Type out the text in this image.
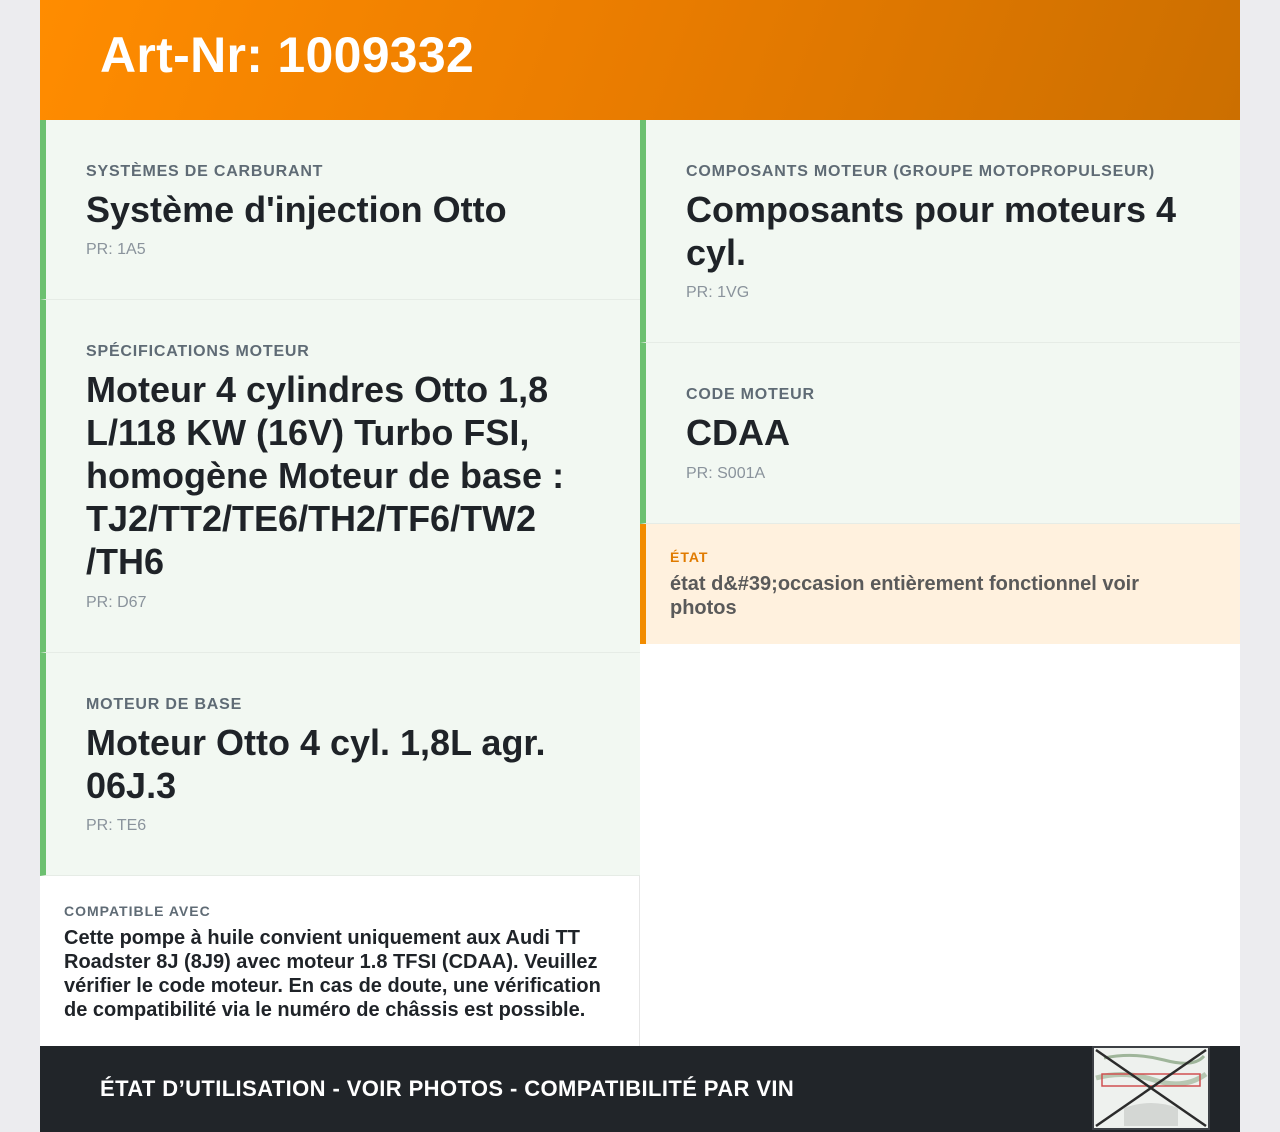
Art-Nr: 1009332
SYSTÈMES DE CARBURANT
Système d'injection Otto
PR: 1A5
SPÉCIFICATIONS MOTEUR
Moteur 4 cylindres Otto 1,8 L/118 KW (16V) Turbo FSI, homogène Moteur de base : TJ2/TT2/TE6/TH2/TF6/TW2 /TH6
PR: D67
MOTEUR DE BASE
Moteur Otto 4 cyl. 1,8L agr. 06J.3
PR: TE6
COMPOSANTS MOTEUR (GROUPE MOTOPROPULSEUR)
Composants pour moteurs 4 cyl.
PR: 1VG
CODE MOTEUR
CDAA
PR: S001A
ÉTAT
état d&#39;occasion entièrement fonctionnel voir photos
COMPATIBLE AVEC
Cette pompe à huile convient uniquement aux Audi TT Roadster 8J (8J9) avec moteur 1.8 TFSI (CDAA). Veuillez vérifier le code moteur. En cas de doute, une vérification de compatibilité via le numéro de châssis est possible.
ÉTAT D’UTILISATION - VOIR PHOTOS - COMPATIBILITÉ PAR VIN
